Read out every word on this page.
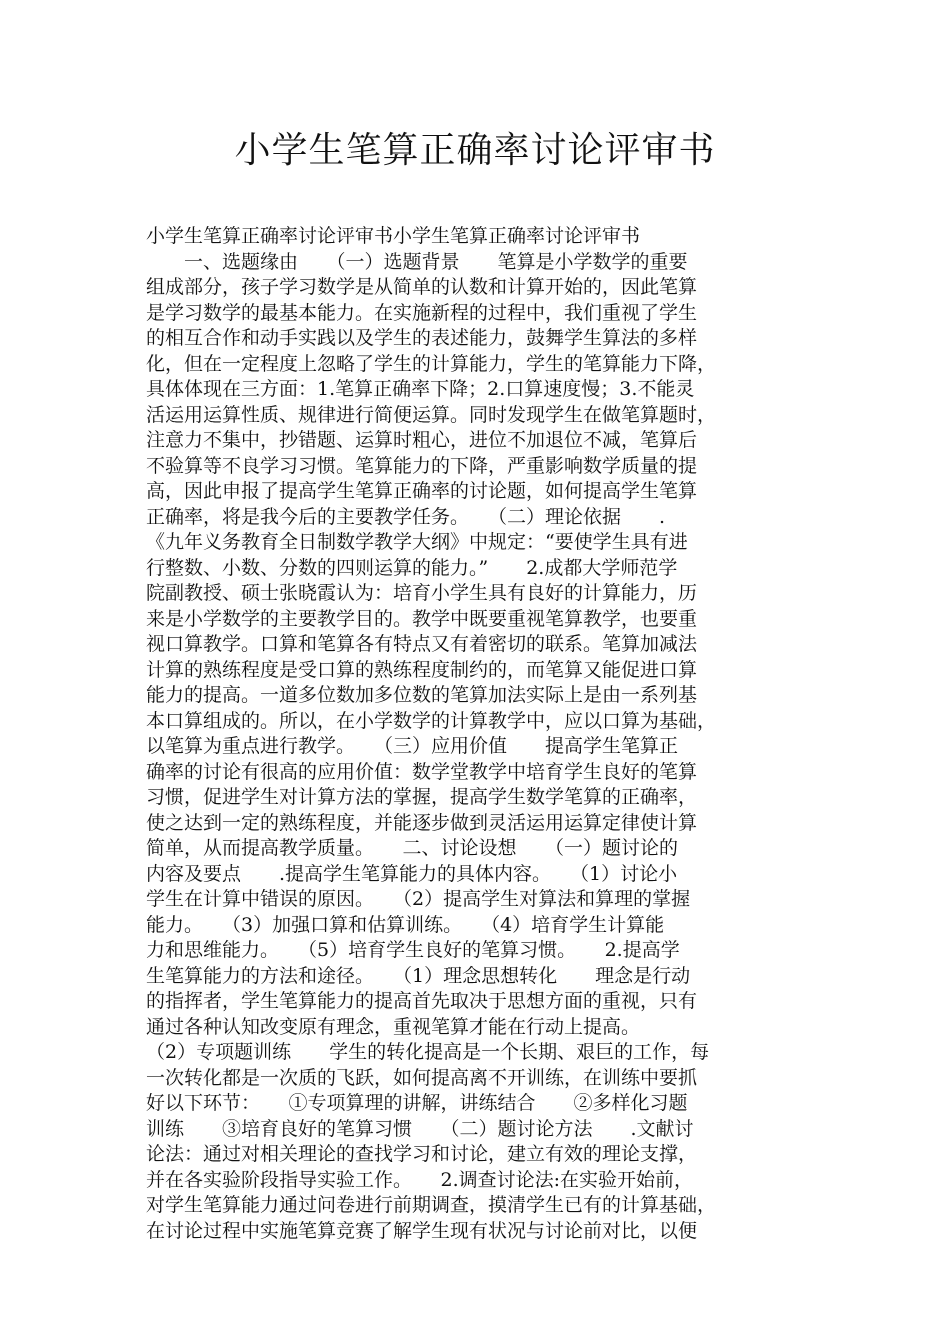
小学生笔算正确率讨论评审书
小学生笔算正确率讨论评审书小学生笔算正确率讨论评审书
　　一、选题缘由　　（一）选题背景　　笔算是小学数学的重要
组成部分，孩子学习数学是从简单的认数和计算开始的，因此笔算
是学习数学的最基本能力。在实施新程的过程中，我们重视了学生
的相互合作和动手实践以及学生的表述能力，鼓舞学生算法的多样
化，但在一定程度上忽略了学生的计算能力，学生的笔算能力下降，
具体体现在三方面：1.笔算正确率下降；2.口算速度慢；3.不能灵
活运用运算性质、规律进行简便运算。同时发现学生在做笔算题时，
注意力不集中，抄错题、运算时粗心，进位不加退位不减，笔算后
不验算等不良学习习惯。笔算能力的下降，严重影响数学质量的提
高，因此申报了提高学生笔算正确率的讨论题，如何提高学生笔算
正确率，将是我今后的主要教学任务。　　（二）理论依据　　.
《九年义务教育全日制数学教学大纲》中规定：“要使学生具有进
行整数、小数、分数的四则运算的能力。”　　2.成都大学师范学
院副教授、硕士张晓霞认为：培育小学生具有良好的计算能力，历
来是小学数学的主要教学目的。教学中既要重视笔算教学，也要重
视口算教学。口算和笔算各有特点又有着密切的联系。笔算加减法
计算的熟练程度是受口算的熟练程度制约的，而笔算又能促进口算
能力的提高。一道多位数加多位数的笔算加法实际上是由一系列基
本口算组成的。所以，在小学数学的计算教学中，应以口算为基础，
以笔算为重点进行教学。　　（三）应用价值　　提高学生笔算正
确率的讨论有很高的应用价值：数学堂教学中培育学生良好的笔算
习惯，促进学生对计算方法的掌握，提高学生数学笔算的正确率，
使之达到一定的熟练程度，并能逐步做到灵活运用运算定律使计算
简单，从而提高教学质量。　　二、讨论设想　　（一）题讨论的
内容及要点　　.提高学生笔算能力的具体内容。　　（1）讨论小
学生在计算中错误的原因。　　（2）提高学生对算法和算理的掌握
能力。　　（3）加强口算和估算训练。　　（4）培育学生计算能
力和思维能力。　　（5）培育学生良好的笔算习惯。　　2.提高学
生笔算能力的方法和途径。　　（1）理念思想转化　　理念是行动
的指挥者，学生笔算能力的提高首先取决于思想方面的重视，只有
通过各种认知改变原有理念，重视笔算才能在行动上提高。
（2）专项题训练　　学生的转化提高是一个长期、艰巨的工作，每
一次转化都是一次质的飞跃，如何提高离不开训练，在训练中要抓
好以下环节：　　①专项算理的讲解，讲练结合　　②多样化习题
训练　　③培育良好的笔算习惯　　（二）题讨论方法　　.文献讨
论法：通过对相关理论的查找学习和讨论，建立有效的理论支撑，
并在各实验阶段指导实验工作。　　2.调查讨论法:在实验开始前，
对学生笔算能力通过问卷进行前期调查，摸清学生已有的计算基础，
在讨论过程中实施笔算竞赛了解学生现有状况与讨论前对比，以便
